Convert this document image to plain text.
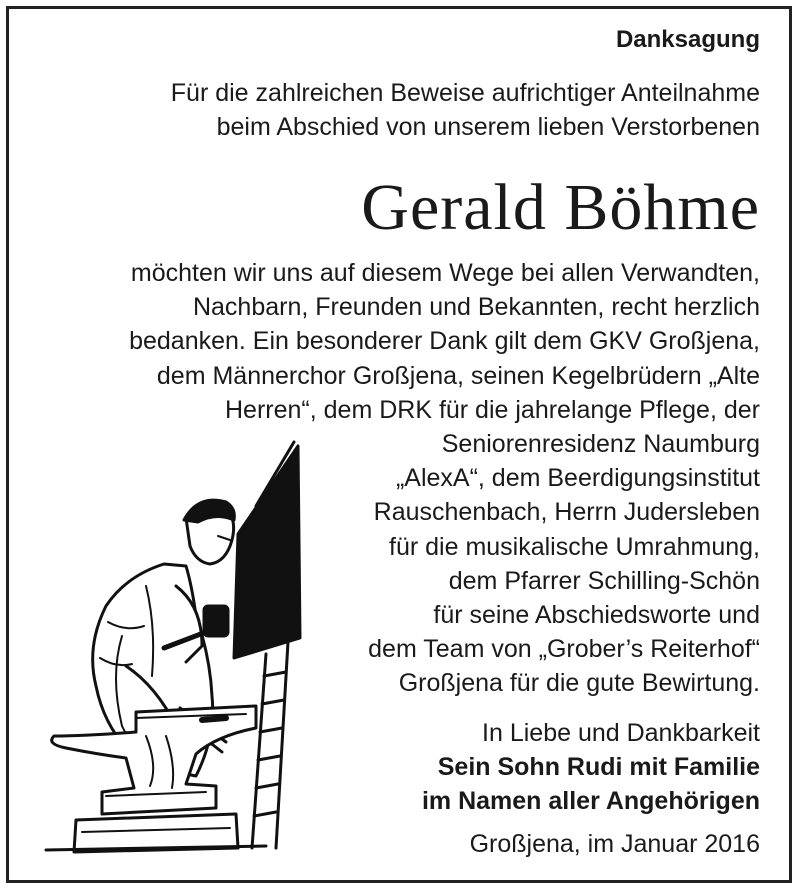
Danksagung
Für die zahlreichen Beweise aufrichtiger Anteilnahme
beim Abschied von unserem lieben Verstorbenen
Gerald Böhme
möchten wir uns auf diesem Wege bei allen Verwandten,
Nachbarn, Freunden und Bekannten, recht herzlich
bedanken. Ein besonderer Dank gilt dem GKV Großjena,
dem Männerchor Großjena, seinen Kegelbrüdern „Alte
Herren“, dem DRK für die jahrelange Pflege, der
Seniorenresidenz Naumburg
„AlexA“, dem Beerdigungsinstitut
Rauschenbach, Herrn Judersleben
für die musikalische Umrahmung,
dem Pfarrer Schilling-Schön
für seine Abschiedsworte und
dem Team von „Grober’s Reiterhof“
Großjena für die gute Bewirtung.
In Liebe und Dankbarkeit
Sein Sohn Rudi mit Familie
im Namen aller Angehörigen
Großjena, im Januar 2016
